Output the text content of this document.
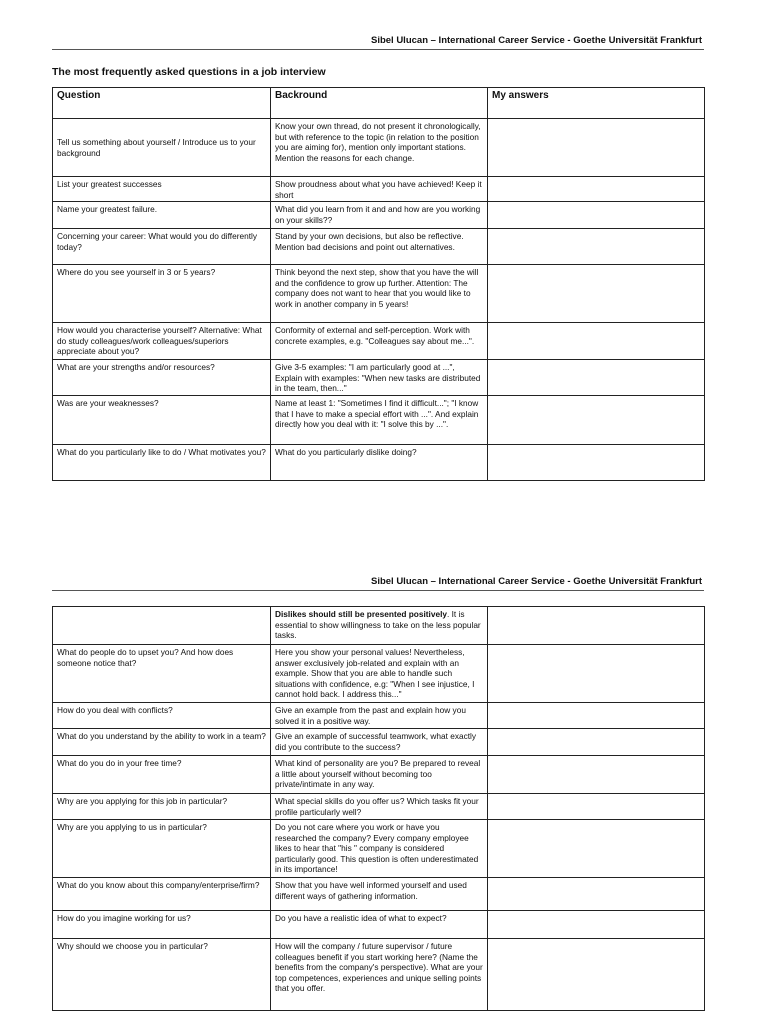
Sibel Ulucan – International Career Service - Goethe Universität Frankfurt
The most frequently asked questions in a job interview
Question	Backround	My answers
Tell us something about yourself / Introduce us to your background	Know your own thread, do not present it chronologically, but with reference to the topic (in relation to the position you are aiming for), mention only important stations. Mention the reasons for each change.	
List your greatest successes	Show proudness about what you have achieved! Keep it short	
Name your greatest failure.	What did you learn from it and and how are you working on your skills??	
Concerning your career: What would you do differently today?	Stand by your own decisions, but also be reflective. Mention bad decisions and point out alternatives.	
Where do you see yourself in 3 or 5 years?	Think beyond the next step, show that you have the will and the confidence to grow up further. Attention: The company does not want to hear that you would like to work in another company in 5 years!	
How would you characterise yourself? Alternative: What do study colleagues/work colleagues/superiors appreciate about you?	Conformity of external and self-perception. Work with concrete examples, e.g. "Colleagues say about me...".	
What are your strengths and/or resources?	Give 3-5 examples: "I am particularly good at ...", Explain with examples: "When new tasks are distributed in the team, then..."	
Was are your weaknesses?	Name at least 1: "Sometimes I find it difficult..."; "I know that I have to make a special effort with ...". And explain directly how you deal with it: "I solve this by ...".	
What do you particularly like to do / What motivates you?	What do you particularly dislike doing?	
Sibel Ulucan – International Career Service - Goethe Universität Frankfurt
	Dislikes should still be presented positively. It is essential to show willingness to take on the less popular tasks.	
What do people do to upset you? And how does someone notice that?	Here you show your personal values! Nevertheless, answer exclusively job-related and explain with an example. Show that you are able to handle such situations with confidence, e.g: "When I see injustice, I cannot hold back. I address this..."	
How do you deal with conflicts?	Give an example from the past and explain how you solved it in a positive way.	
What do you understand by the ability to work in a team?	Give an example of successful teamwork, what exactly did you contribute to the success?	
What do you do in your free time?	What kind of personality are you? Be prepared to reveal a little about yourself without becoming too private/intimate in any way.	
Why are you applying for this job in particular?	What special skills do you offer us? Which tasks fit your profile particularly well?	
Why are you applying to us in particular?	Do you not care where you work or have you researched the company? Every company employee likes to hear that "his " company is considered particularly good. This question is often underestimated in its importance!	
What do you know about this company/enterprise/firm?	Show that you have well informed yourself and used different ways of gathering information.	
How do you imagine working for us?	Do you have a realistic idea of what to expect?	
Why should we choose you in particular?	How will the company / future supervisor / future colleagues benefit if you start working here? (Name the benefits from the company's perspective). What are your top competences, experiences and unique selling points that you offer.	
